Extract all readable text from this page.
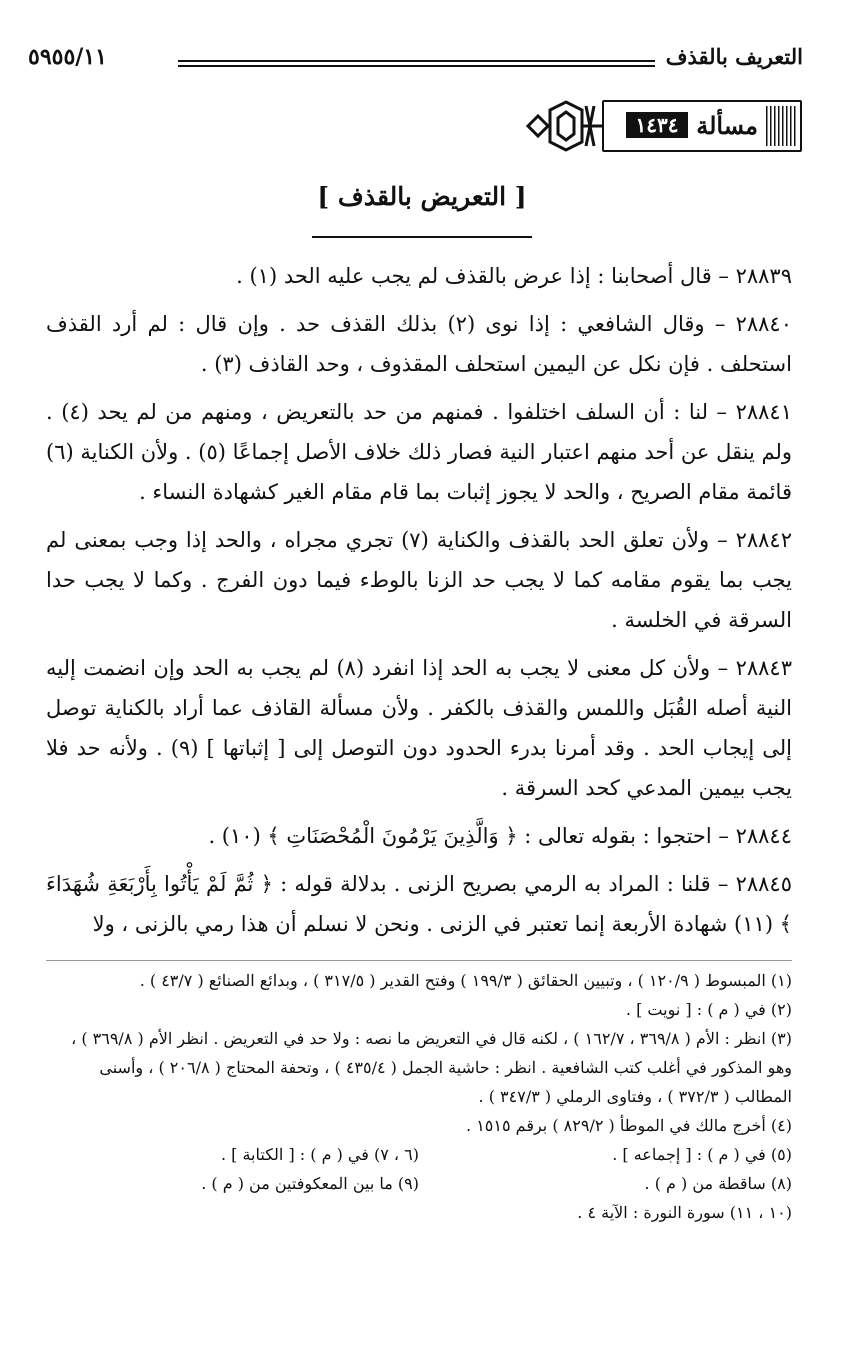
التعريف بالقذف
٥٩٥٥/١١
مسألة
١٤٣٤
[ التعريض بالقذف ]

٢٨٨٣٩ – قال أصحابنا : إذا عرض بالقذف لم يجب عليه الحد (١) .

٢٨٨٤٠ – وقال الشافعي : إذا نوى (٢) بذلك القذف حد . وإن قال : لم أرد القذف استحلف . فإن نكل عن اليمين استحلف المقذوف ، وحد القاذف (٣) .

٢٨٨٤١ – لنا : أن السلف اختلفوا . فمنهم من حد بالتعريض ، ومنهم من لم يحد (٤) . ولم ينقل عن أحد منهم اعتبار النية فصار ذلك خلاف الأصل إجماعًا (٥) . ولأن الكناية (٦) قائمة مقام الصريح ، والحد لا يجوز إثبات بما قام مقام الغير كشهادة النساء .

٢٨٨٤٢ – ولأن تعلق الحد بالقذف والكناية (٧) تجري مجراه ، والحد إذا وجب بمعنى لم يجب بما يقوم مقامه كما لا يجب حد الزنا بالوطء فيما دون الفرج . وكما لا يجب حدا السرقة في الخلسة .

٢٨٨٤٣ – ولأن كل معنى لا يجب به الحد إذا انفرد (٨) لم يجب به الحد وإن انضمت إليه النية أصله القُبَل واللمس والقذف بالكفر . ولأن مسألة القاذف عما أراد بالكناية توصل إلى إيجاب الحد . وقد أمرنا بدرء الحدود دون التوصل إلى [ إثباتها ] (٩) . ولأنه حد فلا يجب بيمين المدعي كحد السرقة .

٢٨٨٤٤ – احتجوا : بقوله تعالى : ﴿ وَالَّذِينَ يَرْمُونَ الْمُحْصَنَاتِ ﴾ (١٠) .

٢٨٨٤٥ – قلنا : المراد به الرمي بصريح الزنى . بدلالة قوله : ﴿ ثُمَّ لَمْ يَأْتُوا بِأَرْبَعَةِ شُهَدَاءَ ﴾ (١١) شهادة الأربعة إنما تعتبر في الزنى . ونحن لا نسلم أن هذا رمي بالزنى ، ولا

(١) المبسوط ( ١٢٠/٩ ) ، وتبيين الحقائق ( ١٩٩/٣ ) وفتح القدير ( ٣١٧/٥ ) ، وبدائع الصنائع ( ٤٣/٧ ) .

(٢) في ( م ) : [ نويت ] .

(٣) انظر : الأم ( ٣٦٩/٨ ، ١٦٢/٧ ) ، لكنه قال في التعريض ما نصه : ولا حد في التعريض . انظر الأم ( ٣٦٩/٨ ) ، وهو المذكور في أغلب كتب الشافعية . انظر : حاشية الجمل ( ٤٣٥/٤ ) ، وتحفة المحتاج ( ٢٠٦/٨ ) ، وأسنى المطالب ( ٣٧٢/٣ ) ، وفتاوى الرملي ( ٣٤٧/٣ ) .

(٤) أخرج مالك في الموطأ ( ٨٢٩/٢ ) برقم ١٥١٥ .

(٥) في ( م ) : [ إجماعه ] .

(٦ ، ٧) في ( م ) : [ الكتابة ] .

(٨) ساقطة من ( م ) .

(٩) ما بين المعكوفتين من ( م ) .

(١٠ ، ١١) سورة النورة : الآية ٤ .
